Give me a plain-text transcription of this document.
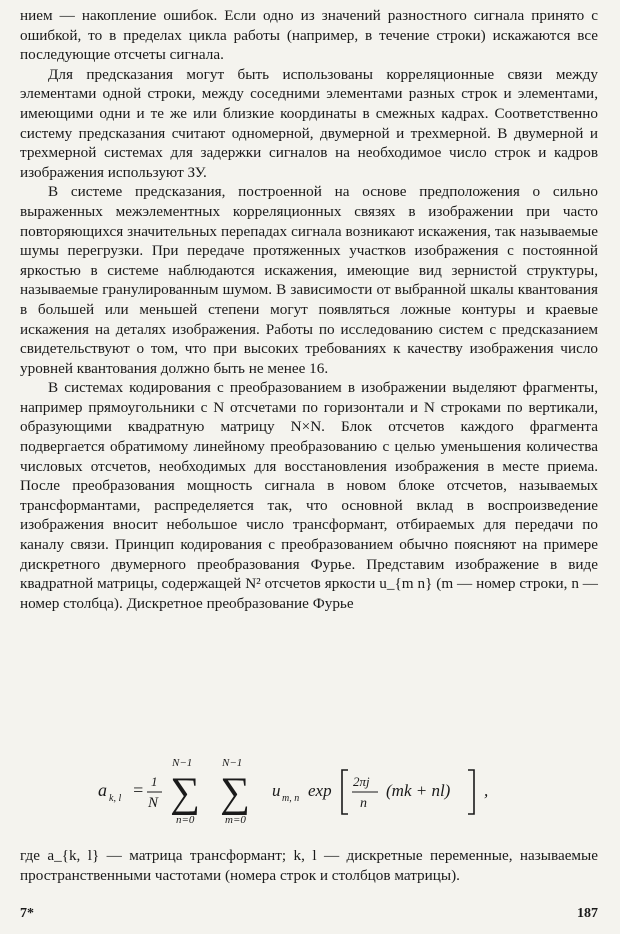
нием — накопление ошибок. Если одно из значений разностного сигнала принято с ошибкой, то в пределах цикла работы (например, в течение строки) искажаются все последующие отсчеты сигнала.

Для предсказания могут быть использованы корреляционные связи между элементами одной строки, между соседними элементами разных строк и элементами, имеющими одни и те же или близкие координаты в смежных кадрах. Соответственно систему предсказания считают одномерной, двумерной и трехмерной. В двумерной и трехмерной системах для задержки сигналов на необходимое число строк и кадров изображения используют ЗУ.

В системе предсказания, построенной на основе предположения о сильно выраженных межэлементных корреляционных связях в изображении при часто повторяющихся значительных перепадах сигнала возникают искажения, так называемые шумы перегрузки. При передаче протяженных участков изображения с постоянной яркостью в системе наблюдаются искажения, имеющие вид зернистой структуры, называемые гранулированным шумом. В зависимости от выбранной шкалы квантования в большей или меньшей степени могут появляться ложные контуры и краевые искажения на деталях изображения. Работы по исследованию систем с предсказанием свидетельствуют о том, что при высоких требованиях к качеству изображения число уровней квантования должно быть не менее 16.

В системах кодирования с преобразованием в изображении выделяют фрагменты, например прямоугольники с N отсчетами по горизонтали и N строками по вертикали, образующими квадратную матрицу N×N. Блок отсчетов каждого фрагмента подвергается обратимому линейному преобразованию с целью уменьшения количества числовых отсчетов, необходимых для восстановления изображения в месте приема. После преобразования мощность сигнала в новом блоке отсчетов, называемых трансформантами, распределяется так, что основной вклад в воспроизведение изображения вносит небольшое число трансформант, отбираемых для передачи по каналу связи. Принцип кодирования с преобразованием обычно поясняют на примере дискретного двумерного преобразования Фурье. Представим изображение в виде квадратной матрицы, содержащей N² отсчетов яркости u_{m n} (m — номер строки, n — номер столбца). Дискретное преобразование Фурье

a k, l = 1
N
N−1
∑
n=0
N−1
∑
m=0
u m, n exp 2πj
n
(mk + nl) ,
где a_{k, l} — матрица трансформант; k, l — дискретные переменные, называемые пространственными частотами (номера строк и столбцов матрицы).
7*	187
